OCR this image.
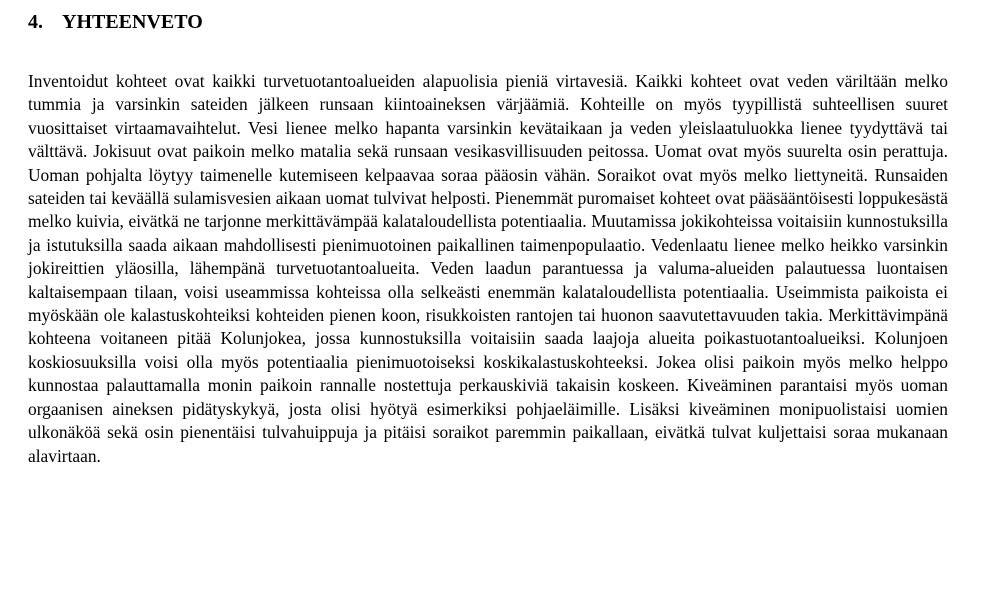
4. YHTEENVETO

Inventoidut kohteet ovat kaikki turvetuotantoalueiden alapuolisia pieniä virtavesiä. Kaikki kohteet ovat veden väriltään melko tummia ja varsinkin sateiden jälkeen runsaan kiintoaineksen värjäämiä. Kohteille on myös tyypillistä suhteellisen suuret vuosittaiset virtaamavaihtelut. Vesi lienee melko hapanta varsinkin kevätaikaan ja veden yleislaatuluokka lienee tyydyttävä tai välttävä. Jokisuut ovat paikoin melko matalia sekä runsaan vesikasvillisuuden peitossa. Uomat ovat myös suurelta osin perattuja. Uoman pohjalta löytyy taimenelle kutemiseen kelpaavaa soraa pääosin vähän. Soraikot ovat myös melko liettyneitä. Runsaiden sateiden tai keväällä sulamisvesien aikaan uomat tulvivat helposti. Pienemmät puromaiset kohteet ovat pääsääntöisesti loppukesästä melko kuivia, eivätkä ne tarjonne merkittävämpää kalataloudellista potentiaalia. Muutamissa jokikohteissa voitaisiin kunnostuksilla ja istutuksilla saada aikaan mahdollisesti pienimuotoinen paikallinen taimenpopulaatio. Vedenlaatu lienee melko heikko varsinkin jokireittien yläosilla, lähempänä turvetuotantoalueita. Veden laadun parantuessa ja valuma-alueiden palautuessa luontaisen kaltaisempaan tilaan, voisi useammissa kohteissa olla selkeästi enemmän kalataloudellista potentiaalia. Useimmista paikoista ei myöskään ole kalastuskohteiksi kohteiden pienen koon, risukkoisten rantojen tai huonon saavutettavuuden takia. Merkittävimpänä kohteena voitaneen pitää Kolunjokea, jossa kunnostuksilla voitaisiin saada laajoja alueita poikastuotantoalueiksi. Kolunjoen koskiosuuksilla voisi olla myös potentiaalia pienimuotoiseksi koskikalastuskohteeksi. Jokea olisi paikoin myös melko helppo kunnostaa palauttamalla monin paikoin rannalle nostettuja perkauskiviä takaisin koskeen. Kiveäminen parantaisi myös uoman orgaanisen aineksen pidätyskykyä, josta olisi hyötyä esimerkiksi pohjaeläimille. Lisäksi kiveäminen monipuolistaisi uomien ulkonäköä sekä osin pienentäisi tulvahuippuja ja pitäisi soraikot paremmin paikallaan, eivätkä tulvat kuljettaisi soraa mukanaan alavirtaan.
